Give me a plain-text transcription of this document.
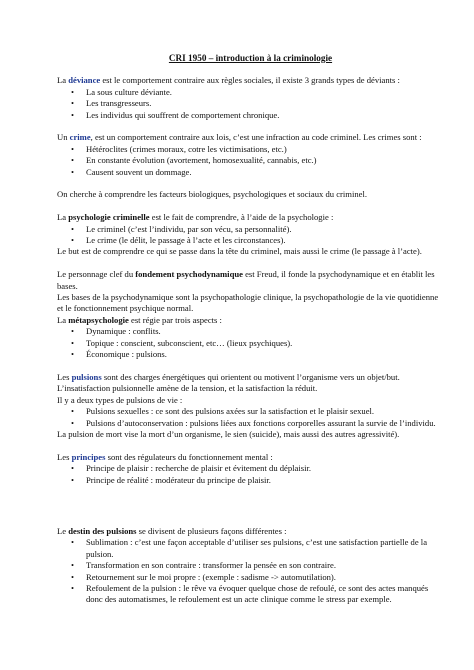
CRI 1950 – introduction à la criminologie

La déviance est le comportement contraire aux règles sociales, il existe 3 grands types de déviants :

• La sous culture déviante.
• Les transgresseurs.
• Les individus qui souffrent de comportement chronique.

Un crime, est un comportement contraire aux lois, c’est une infraction au code criminel. Les crimes sont :

• Hétéroclites (crimes moraux, cotre les victimisations, etc.)
• En constante évolution (avortement, homosexualité, cannabis, etc.)
• Causent souvent un dommage.

On cherche à comprendre les facteurs biologiques, psychologiques et sociaux du criminel.

La psychologie criminelle est le fait de comprendre, à l’aide de la psychologie :

• Le criminel (c’est l’individu, par son vécu, sa personnalité).
• Le crime (le délit, le passage à l’acte et les circonstances).

Le but est de comprendre ce qui se passe dans la tête du criminel, mais aussi le crime (le passage à l’acte).

Le personnage clef du fondement psychodynamique est Freud, il fonde la psychodynamique et en établit les bases.

Les bases de la psychodynamique sont la psychopathologie clinique, la psychopathologie de la vie quotidienne et le fonctionnement psychique normal.

La métapsychologie est régie par trois aspects :

• Dynamique : conflits.
• Topique : conscient, subconscient, etc… (lieux psychiques).
• Économique : pulsions.

Les pulsions sont des charges énergétiques qui orientent ou motivent l’organisme vers un objet/but.

L’insatisfaction pulsionnelle amène de la tension, et la satisfaction la réduit.

Il y a deux types de pulsions de vie :

• Pulsions sexuelles : ce sont des pulsions axées sur la satisfaction et le plaisir sexuel.
• Pulsions d’autoconservation : pulsions liées aux fonctions corporelles assurant la survie de l’individu.

La pulsion de mort vise la mort d’un organisme, le sien (suicide), mais aussi des autres agressivité).

Les principes sont des régulateurs du fonctionnement mental :

• Principe de plaisir : recherche de plaisir et évitement du déplaisir.
• Principe de réalité : modérateur du principe de plaisir.

Le destin des pulsions se divisent de plusieurs façons différentes :

• Sublimation : c’est une façon acceptable d’utiliser ses pulsions, c’est une satisfaction partielle de la pulsion.
• Transformation en son contraire : transformer la pensée en son contraire.
• Retournement sur le moi propre : (exemple : sadisme -> automutilation).
• Refoulement de la pulsion : le rêve va évoquer quelque chose de refoulé, ce sont des actes manqués donc des automatismes, le refoulement est un acte clinique comme le stress par exemple.
